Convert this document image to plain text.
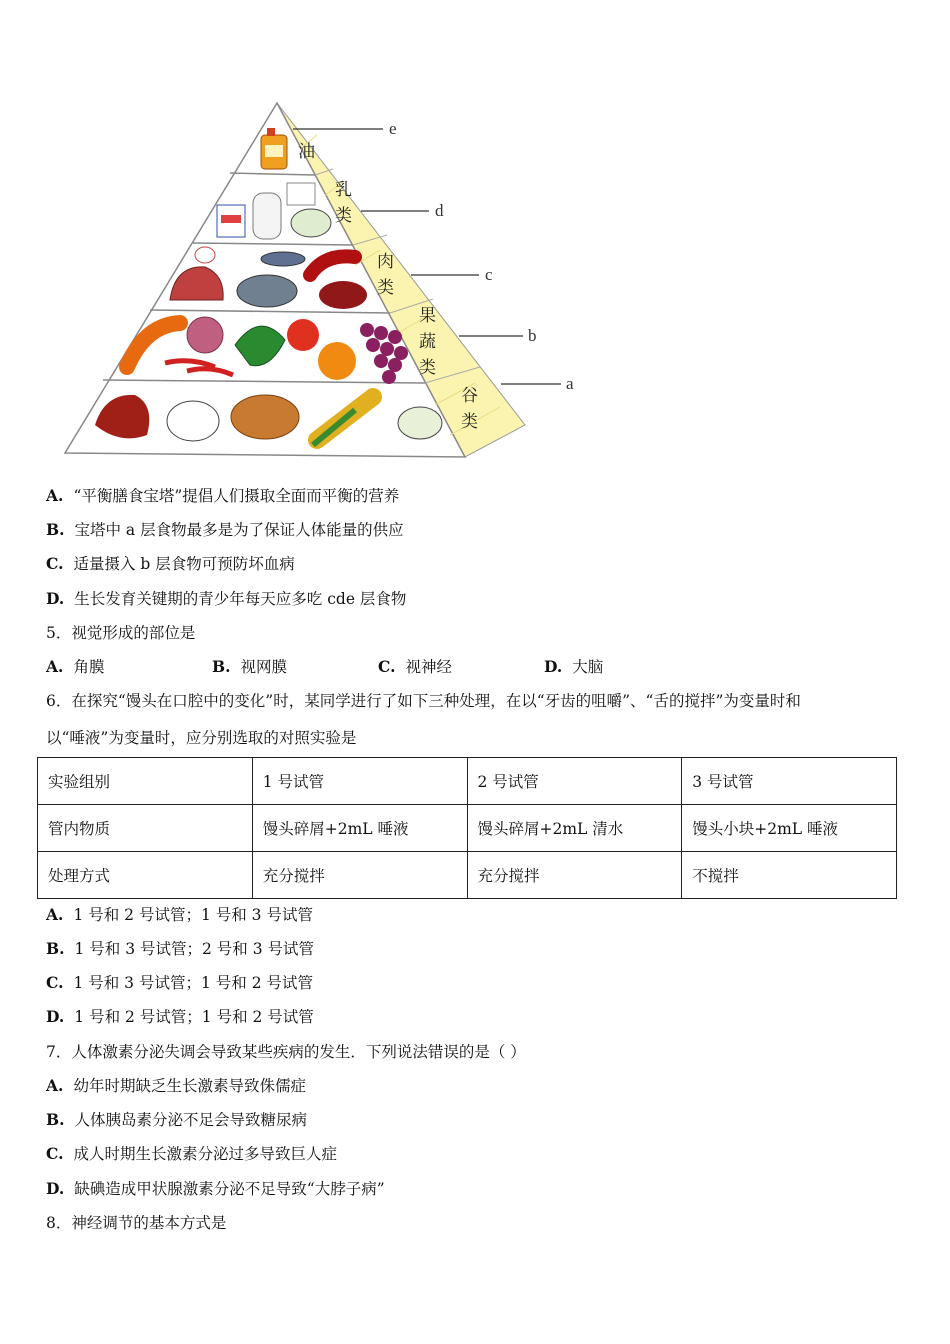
油
乳
类
肉
类
果
蔬
类
谷
类
e
d
c
b
a
A. “平衡膳食宝塔”提倡人们摄取全面而平衡的营养
B. 宝塔中 a 层食物最多是为了保证人体能量的供应
C. 适量摄入 b 层食物可预防坏血病
D. 生长发育关键期的青少年每天应多吃 cde 层食物
5．视觉形成的部位是
A. 角膜	B. 视网膜	C. 视神经	D. 大脑
6．在探究“馒头在口腔中的变化”时，某同学进行了如下三种处理，在以“牙齿的咀嚼”、“舌的搅拌”为变量时和
以“唾液”为变量时，应分别选取的对照实验是
实验组别	1 号试管	2 号试管	3 号试管
管内物质	馒头碎屑+2mL 唾液	馒头碎屑+2mL 清水	馒头小块+2mL 唾液
处理方式	充分搅拌	充分搅拌	不搅拌
A. 1 号和 2 号试管；1 号和 3 号试管
B. 1 号和 3 号试管；2 号和 3 号试管
C. 1 号和 3 号试管；1 号和 2 号试管
D. 1 号和 2 号试管；1 号和 2 号试管
7．人体激素分泌失调会导致某些疾病的发生．下列说法错误的是（ ）
A. 幼年时期缺乏生长激素导致侏儒症
B. 人体胰岛素分泌不足会导致糖尿病
C. 成人时期生长激素分泌过多导致巨人症
D. 缺碘造成甲状腺激素分泌不足导致“大脖子病”
8．神经调节的基本方式是
